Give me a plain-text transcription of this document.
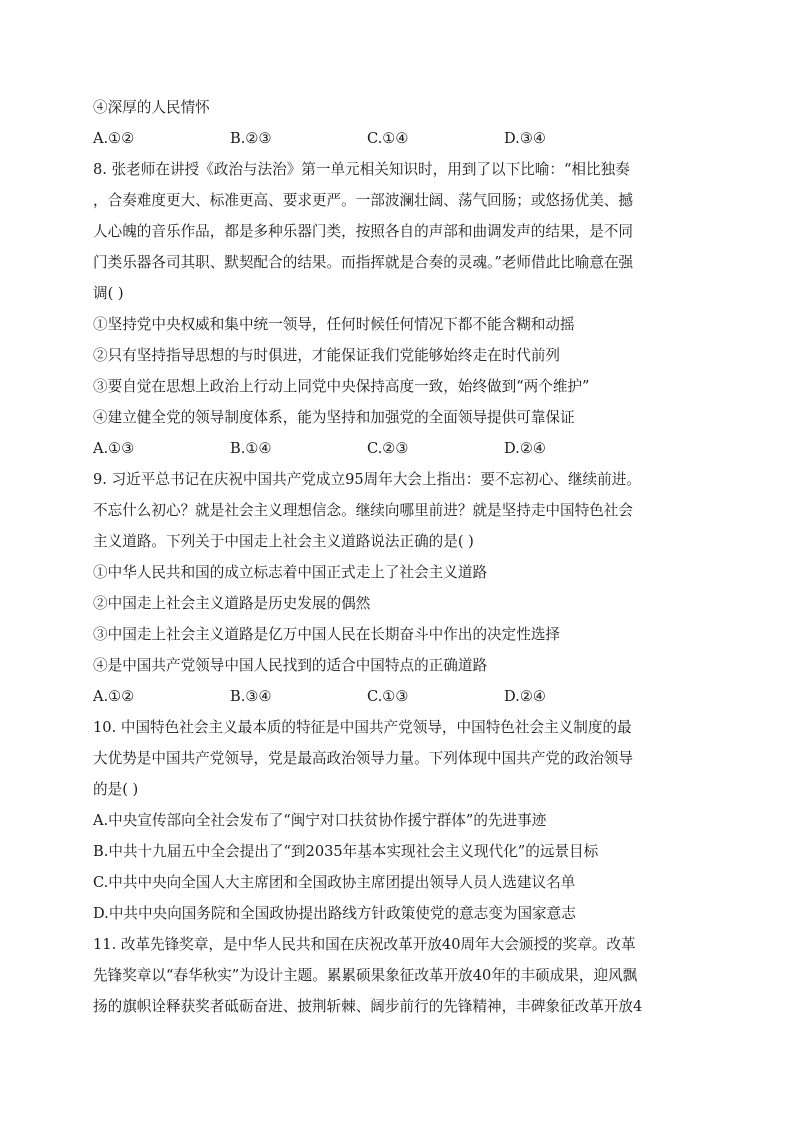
④深厚的人民情怀
A.①②	B.②③	C.①④	D.③④
8. 张老师在讲授《政治与法治》第一单元相关知识时，用到了以下比喻：“相比独奏
，合奏难度更大、标准更高、要求更严。一部波澜壮阔、荡气回肠；或悠扬优美、撼
人心魄的音乐作品，都是多种乐器门类，按照各自的声部和曲调发声的结果，是不同
门类乐器各司其职、默契配合的结果。而指挥就是合奏的灵魂。”老师借此比喻意在强
调( )
①坚持党中央权威和集中统一领导，任何时候任何情况下都不能含糊和动摇
②只有坚持指导思想的与时俱进，才能保证我们党能够始终走在时代前列
③要自觉在思想上政治上行动上同党中央保持高度一致，始终做到“两个维护”
④建立健全党的领导制度体系，能为坚持和加强党的全面领导提供可靠保证
A.①③	B.①④	C.②③	D.②④
9. 习近平总书记在庆祝中国共产党成立95周年大会上指出：要不忘初心、继续前进。
不忘什么初心？就是社会主义理想信念。继续向哪里前进？就是坚持走中国特色社会
主义道路。下列关于中国走上社会主义道路说法正确的是( )
①中华人民共和国的成立标志着中国正式走上了社会主义道路
②中国走上社会主义道路是历史发展的偶然
③中国走上社会主义道路是亿万中国人民在长期奋斗中作出的决定性选择
④是中国共产党领导中国人民找到的适合中国特点的正确道路
A.①②	B.③④	C.①③	D.②④
10. 中国特色社会主义最本质的特征是中国共产党领导，中国特色社会主义制度的最
大优势是中国共产党领导，党是最高政治领导力量。下列体现中国共产党的政治领导
的是( )
A.中央宣传部向全社会发布了“闽宁对口扶贫协作援宁群体”的先进事迹
B.中共十九届五中全会提出了“到2035年基本实现社会主义现代化”的远景目标
C.中共中央向全国人大主席团和全国政协主席团提出领导人员人选建议名单
D.中共中央向国务院和全国政协提出路线方针政策使党的意志变为国家意志
11. 改革先锋奖章，是中华人民共和国在庆祝改革开放40周年大会颁授的奖章。改革
先锋奖章以“春华秋实”为设计主题。累累硕果象征改革开放40年的丰硕成果，迎风飘
扬的旗帜诠释获奖者砥砺奋进、披荆斩棘、阔步前行的先锋精神，丰碑象征改革开放4
